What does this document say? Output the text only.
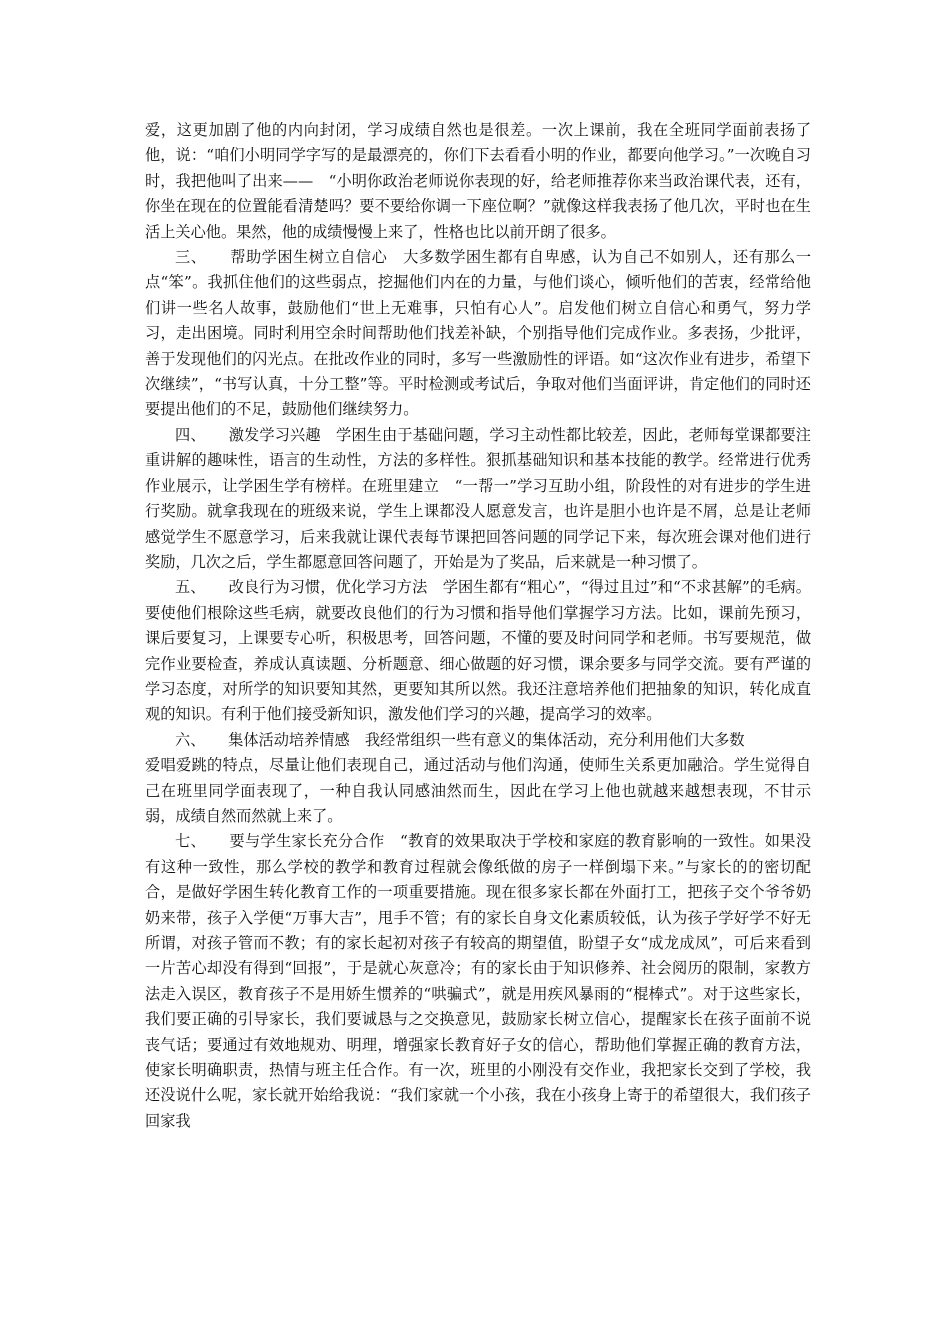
爱，这更加剧了他的内向封闭，学习成绩自然也是很差。一次上课前，我在全班同学面前表扬了他，说：“咱们小明同学字写的是最漂亮的，你们下去看看小明的作业，都要向他学习。”一次晚自习时，我把他叫了出来——　“小明你政治老师说你表现的好，给老师推荐你来当政治课代表，还有，你坐在现在的位置能看清楚吗？要不要给你调一下座位啊？”就像这样我表扬了他几次，平时也在生活上关心他。果然，他的成绩慢慢上来了，性格也比以前开朗了很多。

三、　　帮助学困生树立自信心　大多数学困生都有自卑感，认为自己不如别人，还有那么一点“笨”。我抓住他们的这些弱点，挖掘他们内在的力量，与他们谈心，倾听他们的苦衷，经常给他们讲一些名人故事，鼓励他们“世上无难事，只怕有心人”。启发他们树立自信心和勇气，努力学习，走出困境。同时利用空余时间帮助他们找差补缺，个别指导他们完成作业。多表扬，少批评，善于发现他们的闪光点。在批改作业的同时，多写一些激励性的评语。如“这次作业有进步，希望下次继续”，“书写认真，十分工整”等。平时检测或考试后，争取对他们当面评讲，肯定他们的同时还要提出他们的不足，鼓励他们继续努力。

四、　　激发学习兴趣　学困生由于基础问题，学习主动性都比较差，因此，老师每堂课都要注重讲解的趣味性，语言的生动性，方法的多样性。狠抓基础知识和基本技能的教学。经常进行优秀作业展示，让学困生学有榜样。在班里建立　“一帮一”学习互助小组，阶段性的对有进步的学生进行奖励。就拿我现在的班级来说，学生上课都没人愿意发言，也许是胆小也许是不屑，总是让老师感觉学生不愿意学习，后来我就让课代表每节课把回答问题的同学记下来，每次班会课对他们进行奖励，几次之后，学生都愿意回答问题了，开始是为了奖品，后来就是一种习惯了。

五、　　改良行为习惯，优化学习方法　学困生都有“粗心”，“得过且过”和“不求甚解”的毛病。要使他们根除这些毛病，就要改良他们的行为习惯和指导他们掌握学习方法。比如，课前先预习，课后要复习，上课要专心听，积极思考，回答问题，不懂的要及时问同学和老师。书写要规范，做完作业要检查，养成认真读题、分析题意、细心做题的好习惯，课余要多与同学交流。要有严谨的学习态度，对所学的知识要知其然，更要知其所以然。我还注意培养他们把抽象的知识，转化成直观的知识。有利于他们接受新知识，激发他们学习的兴趣，提高学习的效率。

六、　　集体活动培养情感　我经常组织一些有意义的集体活动，充分利用他们大多数

爱唱爱跳的特点，尽量让他们表现自己，通过活动与他们沟通，使师生关系更加融洽。学生觉得自己在班里同学面表现了，一种自我认同感油然而生，因此在学习上他也就越来越想表现，不甘示弱，成绩自然而然就上来了。

七、　　要与学生家长充分合作　“教育的效果取决于学校和家庭的教育影响的一致性。如果没有这种一致性，那么学校的教学和教育过程就会像纸做的房子一样倒塌下来。”与家长的的密切配合，是做好学困生转化教育工作的一项重要措施。现在很多家长都在外面打工，把孩子交个爷爷奶奶来带，孩子入学便“万事大吉”，甩手不管；有的家长自身文化素质较低，认为孩子学好学不好无所谓，对孩子管而不教；有的家长起初对孩子有较高的期望值，盼望子女“成龙成凤”，可后来看到一片苦心却没有得到“回报”，于是就心灰意冷；有的家长由于知识修养、社会阅历的限制，家教方法走入误区，教育孩子不是用娇生惯养的“哄骗式”，就是用疾风暴雨的“棍棒式”。对于这些家长，我们要正确的引导家长，我们要诚恳与之交换意见，鼓励家长树立信心，提醒家长在孩子面前不说丧气话；要通过有效地规劝、明理，增强家长教育好子女的信心，帮助他们掌握正确的教育方法，使家长明确职责，热情与班主任合作。有一次，班里的小刚没有交作业，我把家长交到了学校，我还没说什么呢，家长就开始给我说：“我们家就一个小孩，我在小孩身上寄于的希望很大，我们孩子回家我
